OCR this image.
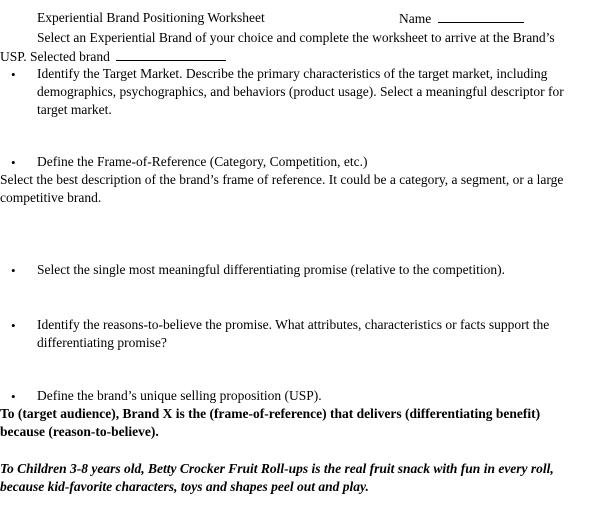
Experiential Brand Positioning Worksheet	Name
Select an Experiential Brand of your choice and complete the worksheet to arrive at the Brand’s
USP. Selected brand
• Identify the Target Market. Describe the primary characteristics of the target market, including
demographics, psychographics, and behaviors (product usage). Select a meaningful descriptor for
target market.
• Define the Frame-of-Reference (Category, Competition, etc.)
Select the best description of the brand’s frame of reference. It could be a category, a segment, or a large
competitive brand.
• Select the single most meaningful differentiating promise (relative to the competition).
• Identify the reasons-to-believe the promise. What attributes, characteristics or facts support the
differentiating promise?
• Define the brand’s unique selling proposition (USP).
To (target audience), Brand X is the (frame-of-reference) that delivers (differentiating benefit)
because (reason-to-believe).
To Children 3-8 years old, Betty Crocker Fruit Roll-ups is the real fruit snack with fun in every roll,
because kid-favorite characters, toys and shapes peel out and play.
